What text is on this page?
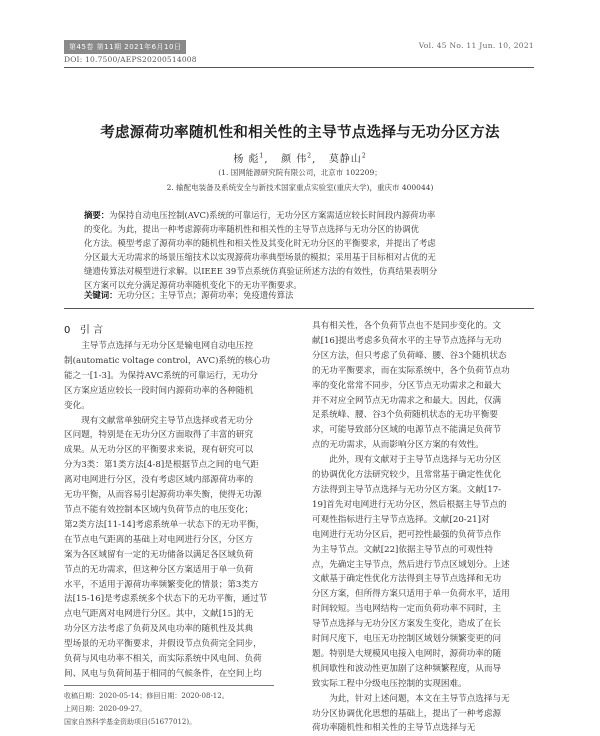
第45卷 第11期 2021年6月10日	Vol. 45 No. 11 Jun. 10, 2021
DOI: 10.7500/AEPS20200514008
考虑源荷功率随机性和相关性的主导节点选择与无功分区方法
杨 彪$^1$,   颜 伟$^2$,   莫静山$^2$
(1. 国网能源研究院有限公司，北京市 102209；
2. 输配电装备及系统安全与新技术国家重点实验室(重庆大学)，重庆市 400044)
摘要：为保持自动电压控制(AVC)系统的可靠运行，无功分区方案需适应较长时间段内源荷功率
的变化。为此，提出一种考虑源荷功率随机性和相关性的主导节点选择与无功分区的协调优
化方法。模型考虑了源荷功率的随机性和相关性及其变化时无功分区的平衡要求，并提出了考虑
分区最大无功需求的场景压缩技术以实现源荷功率典型场景的模拟；采用基于目标相对占优的无
缝遗传算法对模型进行求解。以IEEE 39节点系统仿真验证所述方法的有效性，仿真结果表明分
区方案可以充分满足源荷功率随机变化下的无功平衡要求。
关键词：无功分区；主导节点；源荷功率；免疫遗传算法
0 引 言
主导节点选择与无功分区是输电网自动电压控
制(automatic voltage control，AVC)系统的核心功
能之一[1-3]。为保持AVC系统的可靠运行，无功分
区方案应适应较长一段时间内源荷功率的各种随机
变化。
现有文献常单独研究主导节点选择或者无功分
区问题，特别是在无功分区方面取得了丰富的研究
成果。从无功分区的平衡要求来说，现有研究可以
分为3类：第1类方法[4-8]是根据节点之间的电气距
离对电网进行分区，没有考虑区域内部源荷功率的
无功平衡，从而容易引起源荷功率失衡，使得无功源
节点不能有效控制本区域内负荷节点的电压变化；
第2类方法[11-14]考虑系统单一状态下的无功平衡，
在节点电气距离的基础上对电网进行分区，分区方
案为各区域留有一定的无功储备以满足各区域负荷
节点的无功需求，但这种分区方案适用于单一负荷
水平，不适用于源荷功率频繁变化的情景；第3类方
法[15-16]是考虑系统多个状态下的无功平衡，通过节
点电气距离对电网进行分区。其中，文献[15]的无
功分区方法考虑了负荷及风电功率的随机性及其典
型场景的无功平衡要求，并假设节点负荷完全同步，
负荷与风电功率不相关，而实际系统中风电间、负荷
间、风电与负荷间基于相同的气候条件，在空间上均
具有相关性，各个负荷节点也不是同步变化的。文
献[16]提出考虑多负荷水平的主导节点选择与无功
分区方法，但只考虑了负荷峰、腰、谷3个随机状态
的无功平衡要求，而在实际系统中，各个负荷节点功
率的变化常常不同步，分区节点无功需求之和最大
并不对应全网节点无功需求之和最大。因此，仅满
足系统峰、腰、谷3个负荷随机状态的无功平衡要
求，可能导致部分区域的电源节点不能满足负荷节
点的无功需求，从而影响分区方案的有效性。
此外，现有文献对于主导节点选择与无功分区
的协调优化方法研究较少，且常常基于确定性优化
方法得到主导节点选择与无功分区方案。文献[17-
19]首先对电网进行无功分区，然后根据主导节点的
可观性指标进行主导节点选择。文献[20-21]对
电网进行无功分区后，把可控性最强的负荷节点作
为主导节点。文献[22]依据主导节点的可观性特
点，先确定主导节点，然后进行节点区域划分。上述
文献基于确定性优化方法得到主导节点选择和无功
分区方案，但所得方案只适用于单一负荷水平，适用
时间较短。当电网结构一定而负荷功率不同时，主
导节点选择与无功分区方案发生变化，造成了在长
时间尺度下，电压无功控制区域划分频繁变更的问
题。特别是大规模风电接入电网时，源荷功率的随
机间歇性和波动性更加剧了这种频繁程度，从而导
致实际工程中分级电压控制的实现困难。
为此，针对上述问题，本文在主导节点选择与无
功分区协调优化思想的基础上，提出了一种考虑源
荷功率随机性和相关性的主导节点选择与无
收稿日期：2020-05-14；修回日期：2020-08-12。
上网日期：2020-09-27。
国家自然科学基金资助项目(51677012)。
